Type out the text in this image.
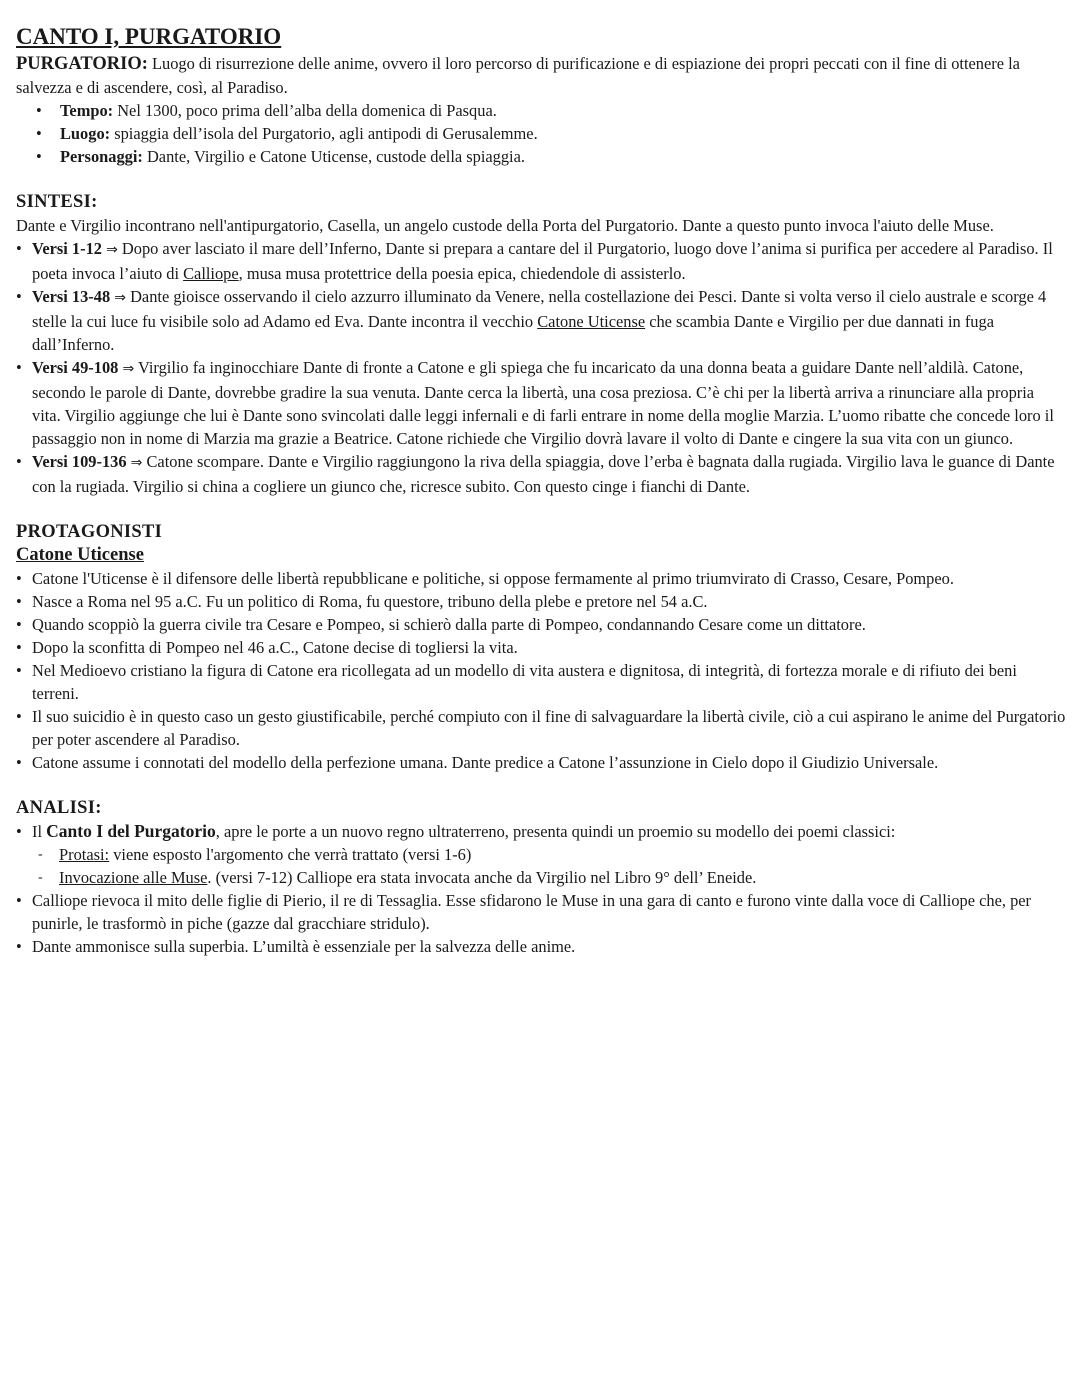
CANTO I, PURGATORIO

PURGATORIO: Luogo di risurrezione delle anime, ovvero il loro percorso di purificazione e di espiazione dei propri peccati con il fine di ottenere la salvezza e di ascendere, così, al Paradiso.

• Tempo: Nel 1300, poco prima dell’alba della domenica di Pasqua.
• Luogo: spiaggia dell’isola del Purgatorio, agli antipodi di Gerusalemme.
• Personaggi: Dante, Virgilio e Catone Uticense, custode della spiaggia.

SINTESI:

Dante e Virgilio incontrano nell'antipurgatorio, Casella, un angelo custode della Porta del Purgatorio. Dante a questo punto invoca l'aiuto delle Muse.

• Versi 1-12 ⇒ Dopo aver lasciato il mare dell’Inferno, Dante si prepara a cantare del il Purgatorio, luogo dove l’anima si purifica per accedere al Paradiso. Il poeta invoca l’aiuto di Calliope, musa musa protettrice della poesia epica, chiedendole di assisterlo.
• Versi 13-48 ⇒ Dante gioisce osservando il cielo azzurro illuminato da Venere, nella costellazione dei Pesci. Dante si volta verso il cielo australe e scorge 4 stelle la cui luce fu visibile solo ad Adamo ed Eva. Dante incontra il vecchio Catone Uticense che scambia Dante e Virgilio per due dannati in fuga dall’Inferno.
• Versi 49-108 ⇒ Virgilio fa inginocchiare Dante di fronte a Catone e gli spiega che fu incaricato da una donna beata a guidare Dante nell’aldilà. Catone, secondo le parole di Dante, dovrebbe gradire la sua venuta. Dante cerca la libertà, una cosa preziosa. C’è chi per la libertà arriva a rinunciare alla propria vita. Virgilio aggiunge che lui è Dante sono svincolati dalle leggi infernali e di farli entrare in nome della moglie Marzia. L’uomo ribatte che concede loro il passaggio non in nome di Marzia ma grazie a Beatrice. Catone richiede che Virgilio dovrà lavare il volto di Dante e cingere la sua vita con un giunco.
• Versi 109-136 ⇒ Catone scompare. Dante e Virgilio raggiungono la riva della spiaggia, dove l’erba è bagnata dalla rugiada. Virgilio lava le guance di Dante con la rugiada. Virgilio si china a cogliere un giunco che, ricresce subito. Con questo cinge i fianchi di Dante.

PROTAGONISTI

Catone Uticense

• Catone l'Uticense è il difensore delle libertà repubblicane e politiche, si oppose fermamente al primo triumvirato di Crasso, Cesare, Pompeo.
• Nasce a Roma nel 95 a.C. Fu un politico di Roma, fu questore, tribuno della plebe e pretore nel 54 a.C.
• Quando scoppiò la guerra civile tra Cesare e Pompeo, si schierò dalla parte di Pompeo, condannando Cesare come un dittatore.
• Dopo la sconfitta di Pompeo nel 46 a.C., Catone decise di togliersi la vita.
• Nel Medioevo cristiano la figura di Catone era ricollegata ad un modello di vita austera e dignitosa, di integrità, di fortezza morale e di rifiuto dei beni terreni.
• Il suo suicidio è in questo caso un gesto giustificabile, perché compiuto con il fine di salvaguardare la libertà civile, ciò a cui aspirano le anime del Purgatorio per poter ascendere al Paradiso.
• Catone assume i connotati del modello della perfezione umana. Dante predice a Catone l’assunzione in Cielo dopo il Giudizio Universale.

ANALISI:

• Il Canto I del Purgatorio, apre le porte a un nuovo regno ultraterreno, presenta quindi un proemio su modello dei poemi classici:
- Protasi: viene esposto l'argomento che verrà trattato (versi 1-6)
- Invocazione alle Muse. (versi 7-12) Calliope era stata invocata anche da Virgilio nel Libro 9° dell’ Eneide.
• Calliope rievoca il mito delle figlie di Pierio, il re di Tessaglia. Esse sfidarono le Muse in una gara di canto e furono vinte dalla voce di Calliope che, per punirle, le trasformò in piche (gazze dal gracchiare stridulo).
• Dante ammonisce sulla superbia. L’umiltà è essenziale per la salvezza delle anime.
